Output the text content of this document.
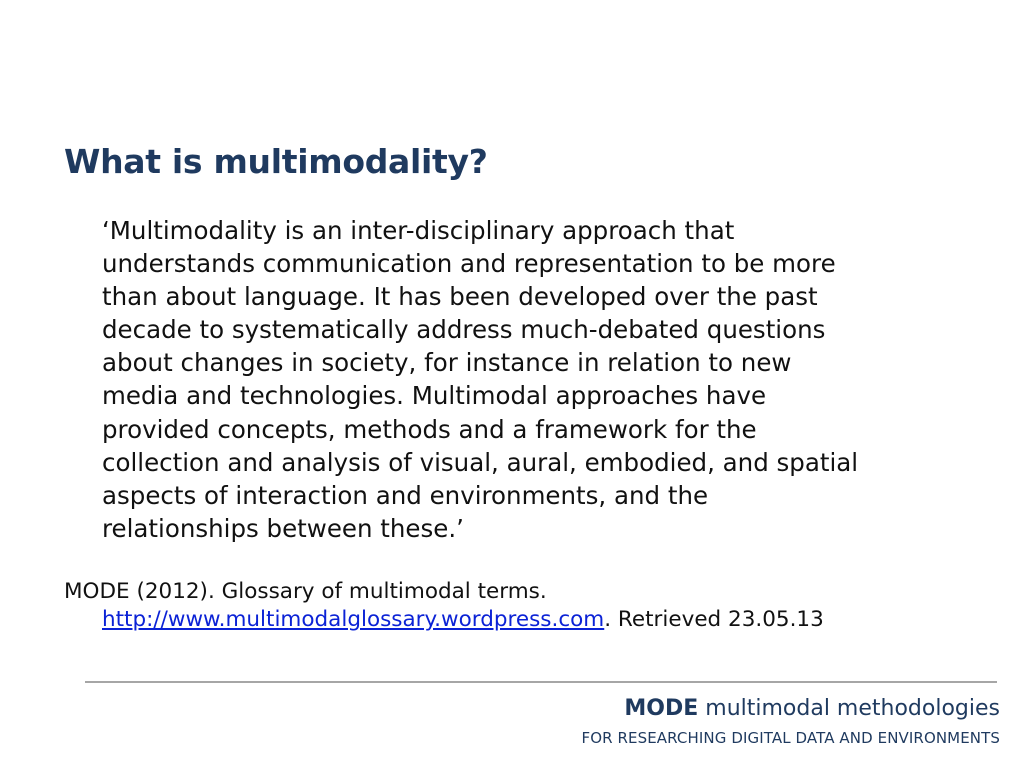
What is multimodality?

‘Multimodality is an inter-disciplinary approach that
understands communication and representation to be more
than about language. It has been developed over the past
decade to systematically address much-debated questions
about changes in society, for instance in relation to new
media and technologies. Multimodal approaches have
provided concepts, methods and a framework for the
collection and analysis of visual, aural, embodied, and spatial
aspects of interaction and environments, and the
relationships between these.’

MODE (2012). Glossary of multimodal terms.
http://www.multimodalglossary.wordpress.com. Retrieved 23.05.13

MODE multimodal methodologies
FOR RESEARCHING DIGITAL DATA AND ENVIRONMENTS
